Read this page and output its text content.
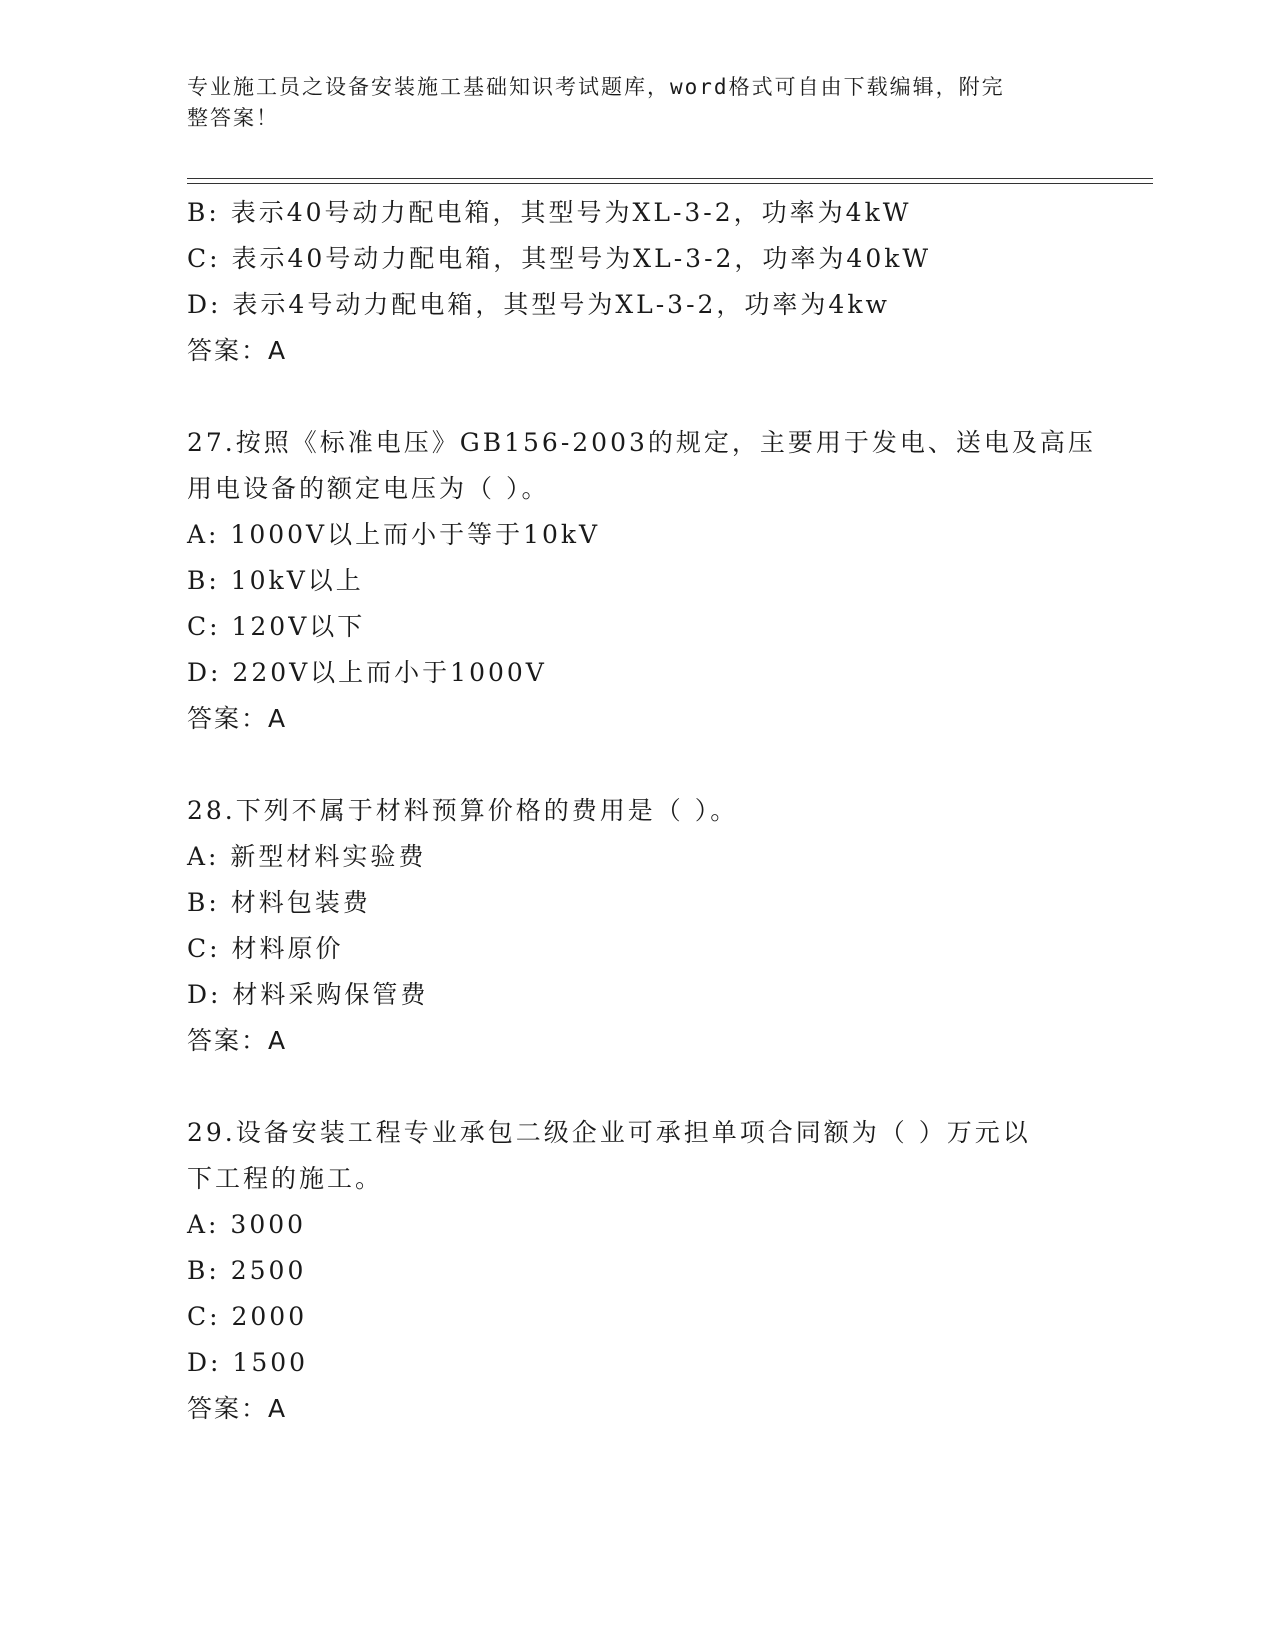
专业施工员之设备安装施工基础知识考试题库，word格式可自由下载编辑，附完
整答案！
B: 表示40号动力配电箱，其型号为XL-3-2，功率为4kW
C: 表示40号动力配电箱，其型号为XL-3-2，功率为40kW
D: 表示4号动力配电箱，其型号为XL-3-2，功率为4kw
答案：A
27.按照《标准电压》GB156-2003的规定，主要用于发电、送电及高压
用电设备的额定电压为（ ）。
A: 1000V以上而小于等于10kV
B: 10kV以上
C: 120V以下
D: 220V以上而小于1000V
答案：A
28.下列不属于材料预算价格的费用是（ ）。
A: 新型材料实验费
B: 材料包装费
C: 材料原价
D: 材料采购保管费
答案：A
29.设备安装工程专业承包二级企业可承担单项合同额为（ ）万元以
下工程的施工。
A: 3000
B: 2500
C: 2000
D: 1500
答案：A
